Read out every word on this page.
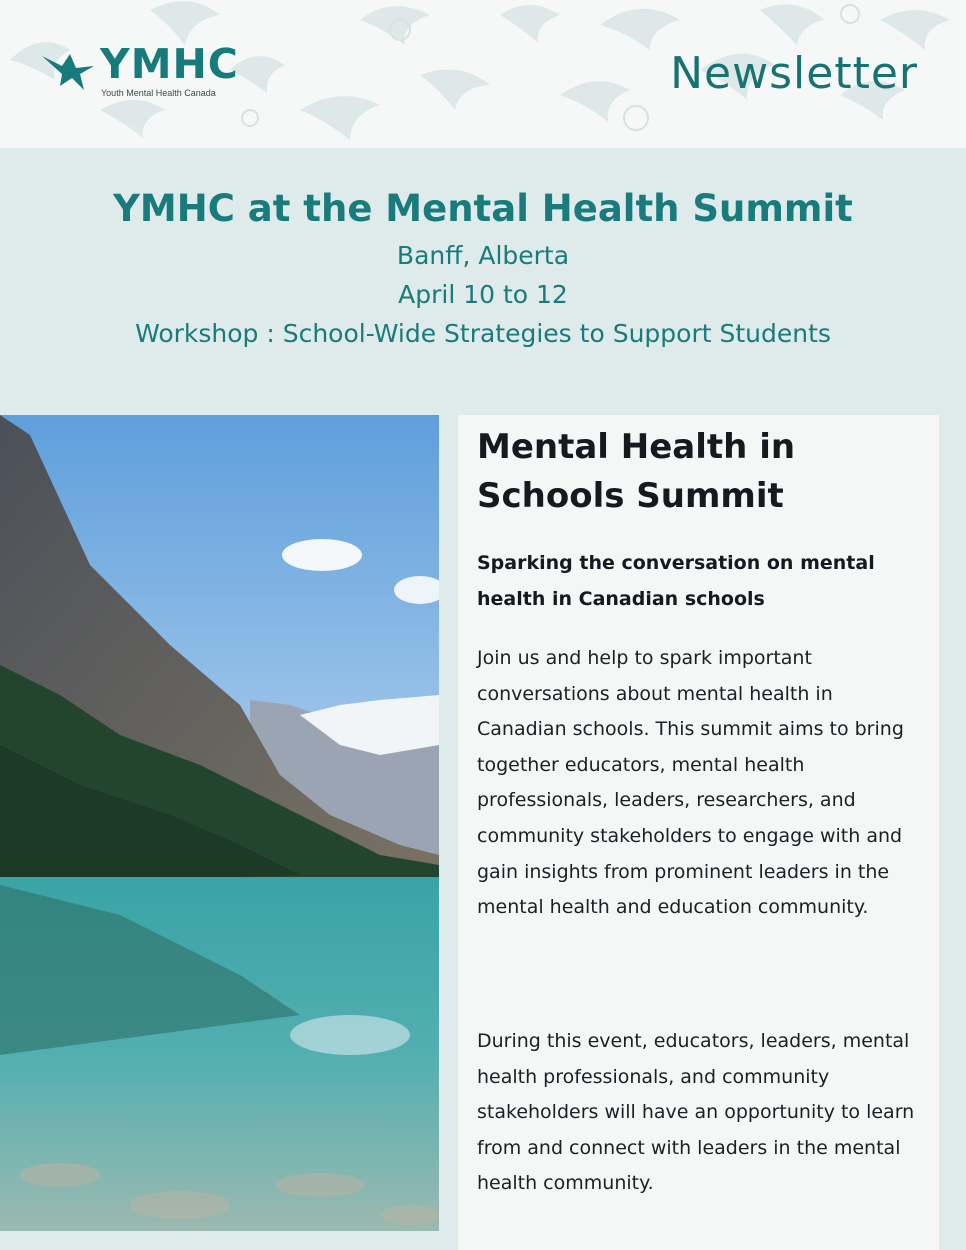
YMHC
Youth Mental Health Canada	Newsletter
YMHC at the Mental Health Summit
Banff, Alberta
April 10 to 12
Workshop : School-Wide Strategies to Support Students
Mental Health in Schools Summit
Sparking the conversation on mental health in Canadian schools
Join us and help to spark important conversations about mental health in Canadian schools. This summit aims to bring together educators, mental health professionals, leaders, researchers, and community stakeholders to engage with and gain insights from prominent leaders in the mental health and education community.
During this event, educators, leaders, mental health professionals, and community stakeholders will have an opportunity to learn from and connect with leaders in the mental health community.
